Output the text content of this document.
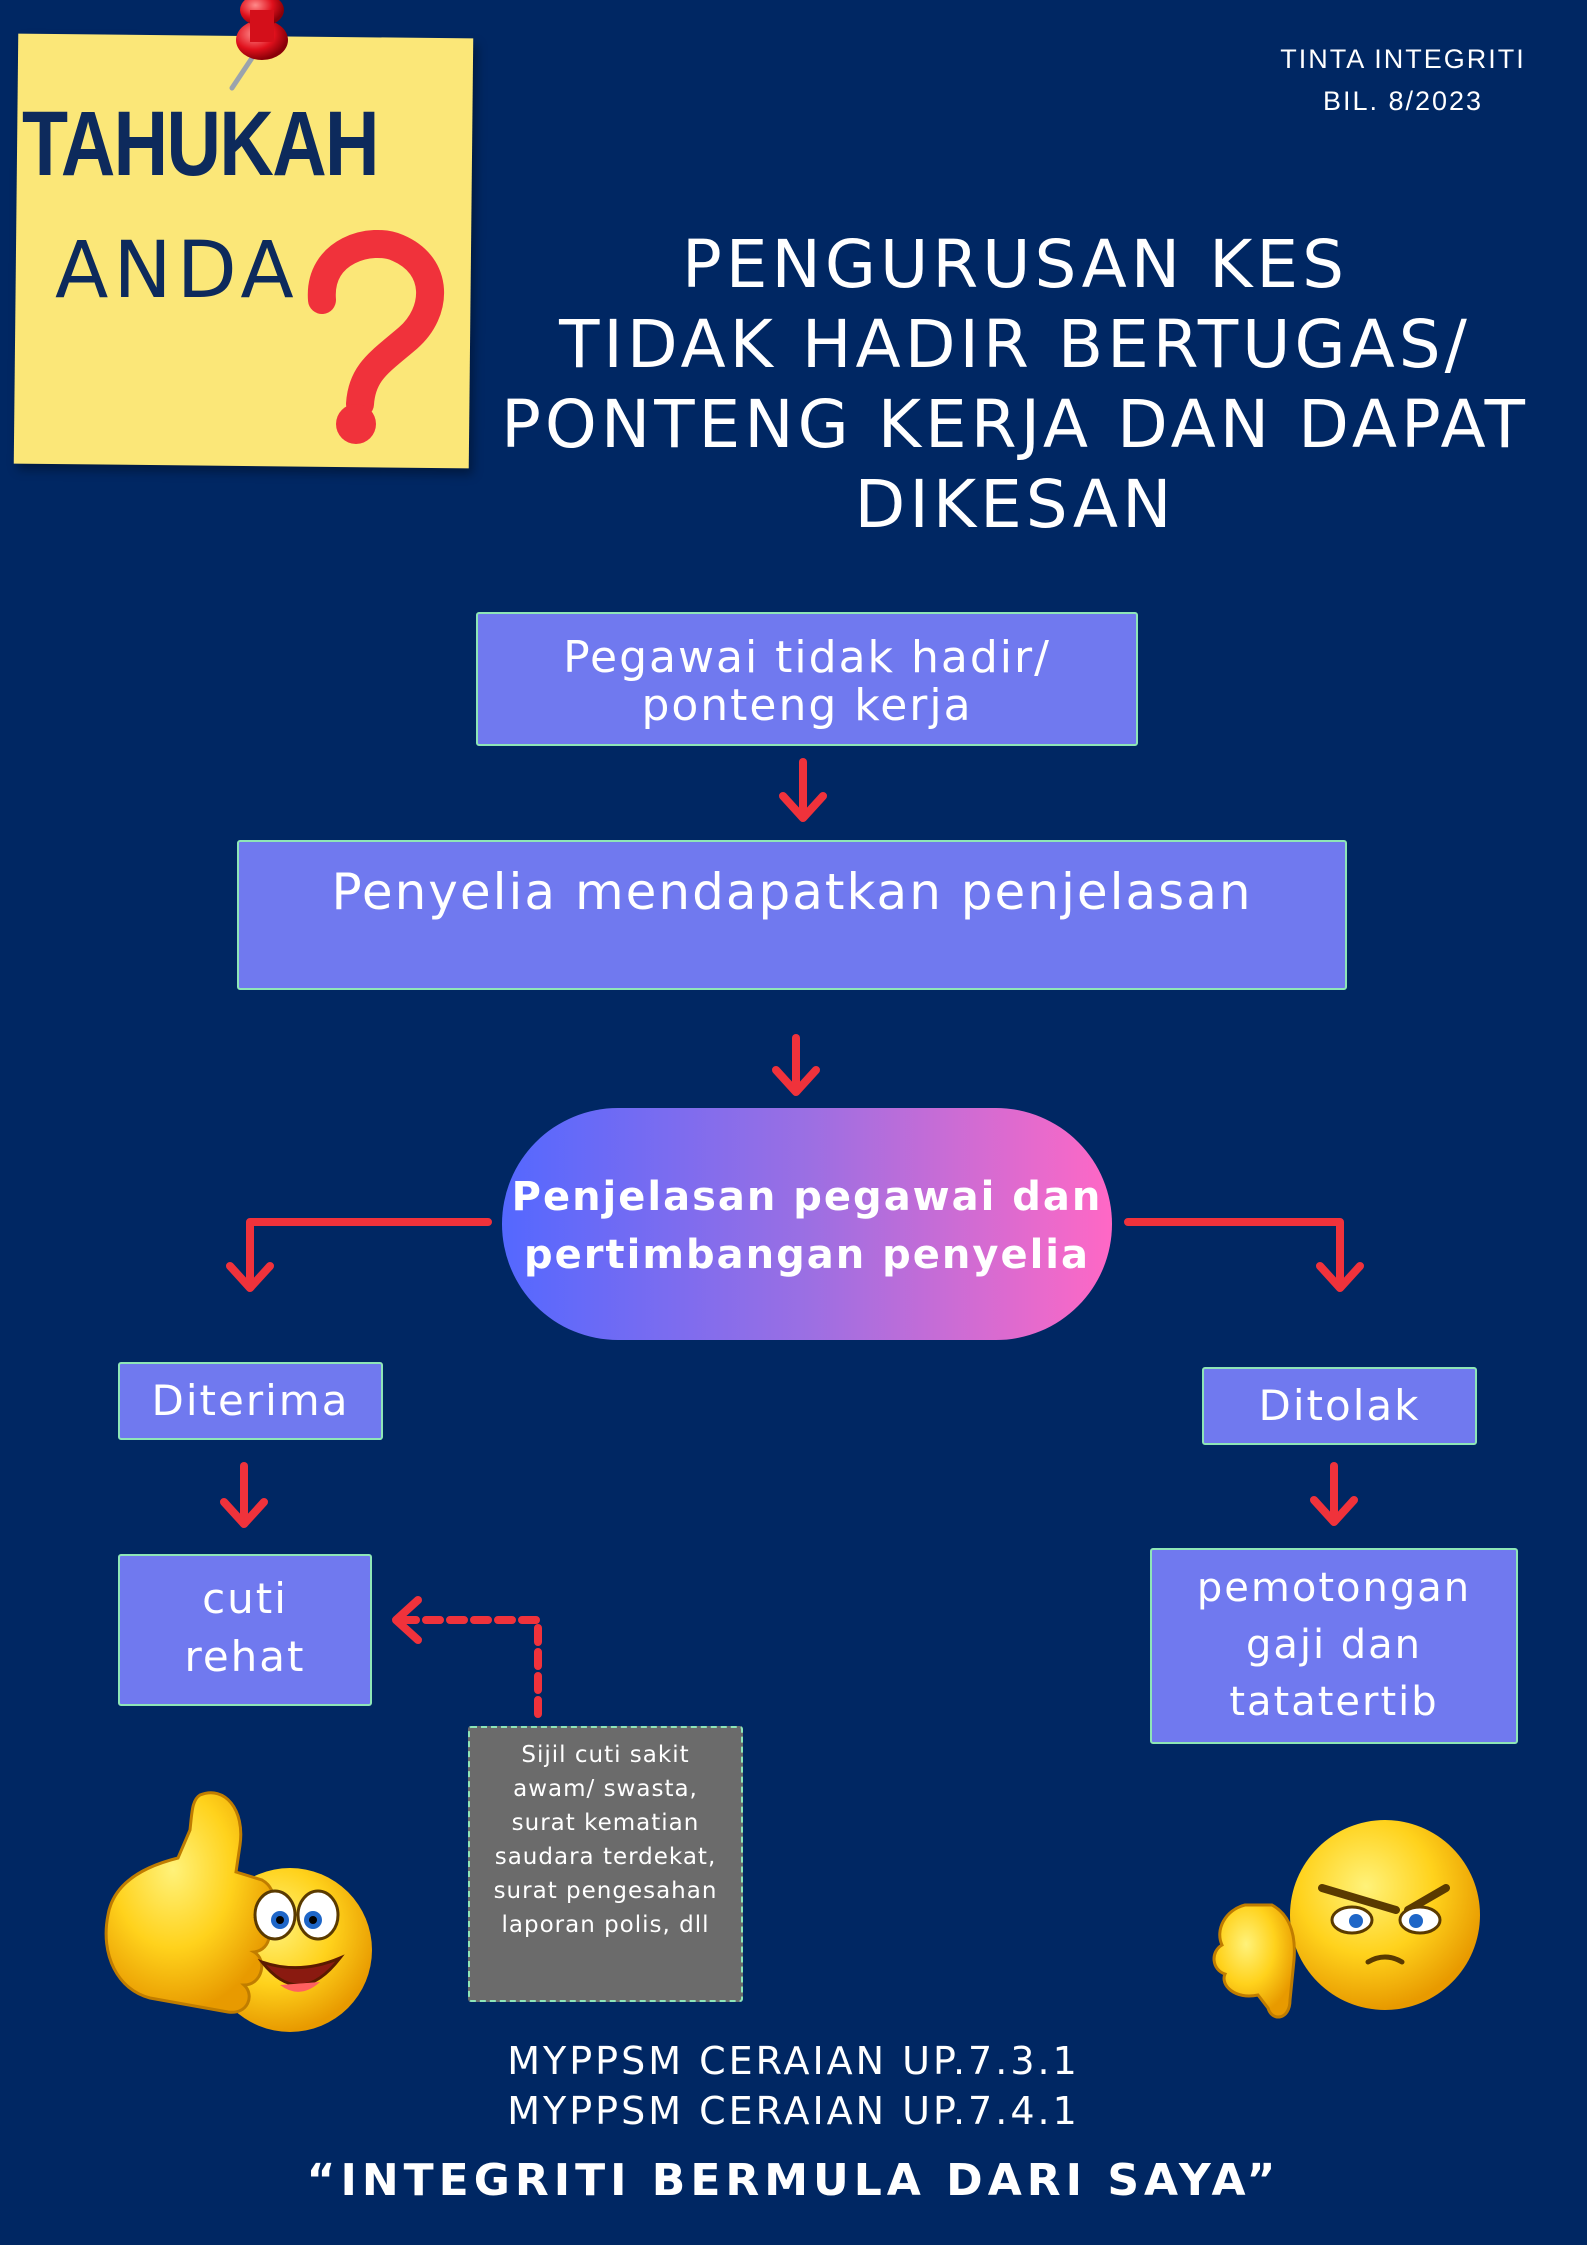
TINTA INTEGRITI
BIL. 8/2023
TAHUKAH
ANDA	PENGURUSAN KES
TIDAK HADIR BERTUGAS/
PONTENG KERJA DAN DAPAT
DIKESAN
Pegawai tidak hadir/
ponteng kerja
Penyelia mendapatkan penjelasan
Penjelasan pegawai dan
pertimbangan penyelia
Diterima	Ditolak
cuti
rehat
pemotongan
gaji dan
tatatertib
Sijil cuti sakit
awam/ swasta,
surat kematian
saudara terdekat,
surat pengesahan
laporan polis, dll
MYPPSM CERAIAN UP.7.3.1
MYPPSM CERAIAN UP.7.4.1
“INTEGRITI BERMULA DARI SAYA”
